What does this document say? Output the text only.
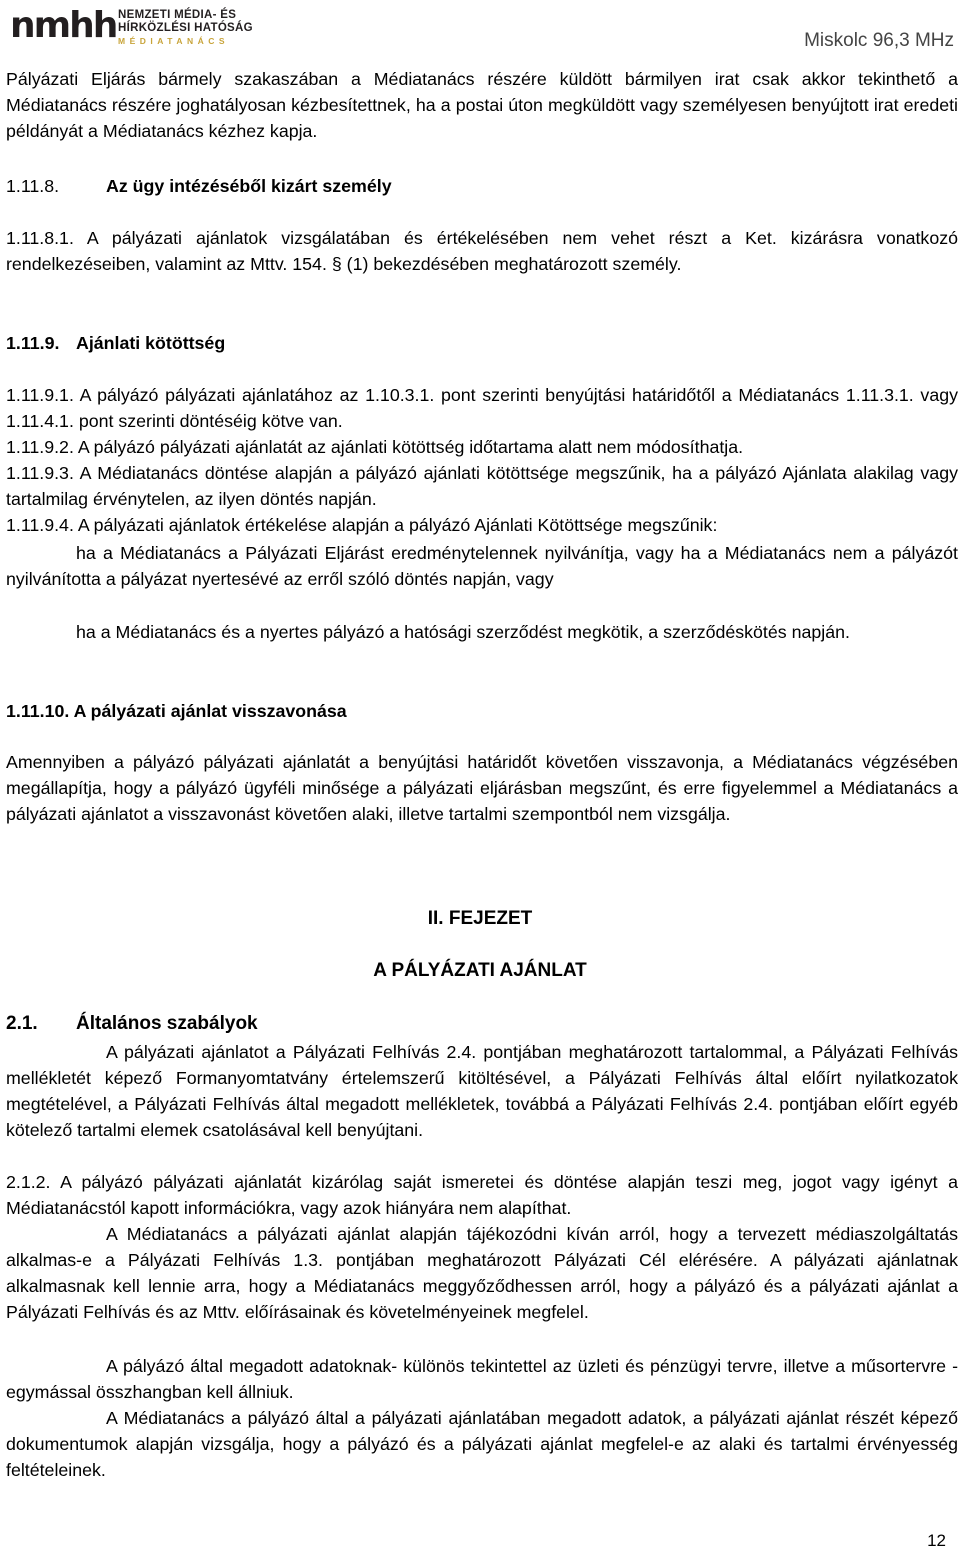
nmhh NEMZETI MÉDIA- ÉS
HÍRKÖZLÉSI HATÓSÁG
MÉDIATANÁCS	Miskolc 96,3 MHz

Pályázati Eljárás bármely szakaszában a Médiatanács részére küldött bármilyen irat csak akkor tekinthető a Médiatanács részére joghatályosan kézbesítettnek, ha a postai úton megküldött vagy személyesen benyújtott irat eredeti példányát a Médiatanács kézhez kapja.

1.11.8.	Az ügy intézéséből kizárt személy

1.11.8.1. A pályázati ajánlatok vizsgálatában és értékelésében nem vehet részt a Ket. kizárásra vonatkozó rendelkezéseiben, valamint az Mttv. 154. § (1) bekezdésében meghatározott személy.

1.11.9. Ajánlati kötöttség

1.11.9.1. A pályázó pályázati ajánlatához az 1.10.3.1. pont szerinti benyújtási határidőtől a Médiatanács 1.11.3.1. vagy 1.11.4.1. pont szerinti döntéséig kötve van.

1.11.9.2. A pályázó pályázati ajánlatát az ajánlati kötöttség időtartama alatt nem módosíthatja.

1.11.9.3. A Médiatanács döntése alapján a pályázó ajánlati kötöttsége megszűnik, ha a pályázó Ajánlata alakilag vagy tartalmilag érvénytelen, az ilyen döntés napján.

1.11.9.4. A pályázati ajánlatok értékelése alapján a pályázó Ajánlati Kötöttsége megszűnik:

ha a Médiatanács a Pályázati Eljárást eredménytelennek nyilvánítja, vagy ha a Médiatanács nem a pályázót nyilvánította a pályázat nyertesévé az erről szóló döntés napján, vagy

ha a Médiatanács és a nyertes pályázó a hatósági szerződést megkötik, a szerződéskötés napján.

1.11.10. A pályázati ajánlat visszavonása

Amennyiben a pályázó pályázati ajánlatát a benyújtási határidőt követően visszavonja, a Médiatanács végzésében megállapítja, hogy a pályázó ügyféli minősége a pályázati eljárásban megszűnt, és erre figyelemmel a Médiatanács a pályázati ajánlatot a visszavonást követően alaki, illetve tartalmi szempontból nem vizsgálja.

II. FEJEZET
A PÁLYÁZATI AJÁNLAT
2.1. Általános szabályok

A pályázati ajánlatot a Pályázati Felhívás 2.4. pontjában meghatározott tartalommal, a Pályázati Felhívás mellékletét képező Formanyomtatvány értelemszerű kitöltésével, a Pályázati Felhívás által előírt nyilatkozatok megtételével, a Pályázati Felhívás által megadott mellékletek, továbbá a Pályázati Felhívás 2.4. pontjában előírt egyéb kötelező tartalmi elemek csatolásával kell benyújtani.

2.1.2. A pályázó pályázati ajánlatát kizárólag saját ismeretei és döntése alapján teszi meg, jogot vagy igényt a Médiatanácstól kapott információkra, vagy azok hiányára nem alapíthat.

A Médiatanács a pályázati ajánlat alapján tájékozódni kíván arról, hogy a tervezett médiaszolgáltatás alkalmas-e a Pályázati Felhívás 1.3. pontjában meghatározott Pályázati Cél elérésére. A pályázati ajánlatnak alkalmasnak kell lennie arra, hogy a Médiatanács meggyőződhessen arról, hogy a pályázó és a pályázati ajánlat a Pályázati Felhívás és az Mttv. előírásainak és követelményeinek megfelel.

A pályázó által megadott adatoknak- különös tekintettel az üzleti és pénzügyi tervre, illetve a műsortervre - egymással összhangban kell állniuk.

A Médiatanács a pályázó által a pályázati ajánlatában megadott adatok, a pályázati ajánlat részét képező dokumentumok alapján vizsgálja, hogy a pályázó és a pályázati ajánlat megfelel-e az alaki és tartalmi érvényesség feltételeinek.

12
